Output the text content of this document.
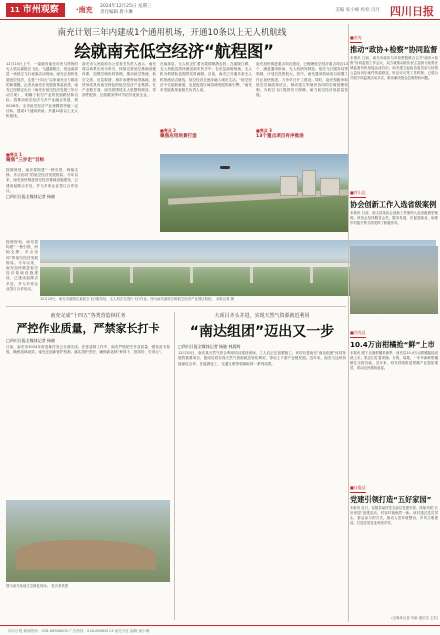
11 市州观察	·南充 2024年12月25日 星期三
责任编辑 唐小琳	美编 张小峰 校检 闫月 四川日报
南充计划三年内建成1个通用机场，开通10条以上无人机航线
绘就南充低空经济“航程图”
12月15日上午，一架载有南充市民与货物的无人机从嘉陵区飞出，飞越嘉陵江，抵达南部县一场低空飞行表演活动现场。南充正加快发展低空经济，这是“十四五”以来南充全力推动的新课题。记者从南充市发展改革委获悉，南充已经制定出台《南充市低空经济发展三年行动方案》，明确了低空产业的发展路径和目标，将推动低空经济与多产业融合发展，到2026年，全市低空经济产业规模将突破一定目标，建成1个通用机场，开通10条以上无人机航线。
■亮点 1
聚焦“三步走”目标
按照规划，南充将构建“一核引领、两轴支撑、多点协同”的低空经济发展格局。今年以来，南充加快推进低空经济基础设施建设，已建成起降点多处，并与多家企业签订合作协议。
□四川日报全媒体记者 杨晓
南充市人民政府办公室有关负责人表示，南充将以场景应用为牵引，持续完善低空基础设施体系，加强空域协同管理，推动低空物流、低空文旅、应急救援、城市治理等场景落地，加快形成具有南充特色的低空经济产业集群。在产业链方面，南充将围绕无人机整机制造、零部件配套、运营服务等环节招引优质企业。
在南部县，无人机正忙着为果园喷洒农药；在嘉陵江畔，无人机配送将快递送到市民手中；在应急演练现场，无人机为救援队伍提供实时画面。目前，南充已开通多条无人机物流试点航线，低空经济正逐步融入城市生活。“低空经济不仅是新赛道，也是促进区域协调发展的新引擎。”南充市发展改革委相关负责人说。
■亮点 2
聚焦应用场景打造
南充加快推进重点项目建设，已梳理低空经济重点项目13个，涵盖通用机场、无人机研发制造、低空飞行服务站等领域，计划总投资较大。其中，南充通用机场项目前期工作正加快推进，力争早日开工建设。同时，南充积极争取低空空域改革试点，推动建立军地民协同的空域管理机制，为低空飞行提供有力保障，助力低空经济高质量发展。
■亮点 3
13个重点项目有序推进
12月25日，南充市嘉陵区某低空飞行服务站，无人机正在进行飞行作业。图为南充嘉陵江畔低空经济产业园区航拍。 本报记者 摄
按照规划，南充将构建“一核引领、两轴支撑、多点协同”的低空经济发展格局。今年以来，南充加快推进低空经济基础设施建设，已建成起降点多处，并与多家企业签订合作协议。
南充完成“十四五”各类营造林任务
严控作业质量，严禁家长打卡
□四川日报全媒体记者 杨晓
日前，南充市2024年营造林任务已全面完成。在营造林工作中，南充严格把关作业质量，强化苗木检验，确保造林成效。南充还创新管护机制，落实管护责任，确保新造林“种得下、管得好、长得大”。
图为南充某地生态修复现场。 受访者供图
大项目齐头并进，实现天然气资源就近利用
“南达组团”迈出又一步
□四川日报全媒体记者 杨晓 林晨辉
12月20日，南充某天然气综合利用项目建设现场，工人们正在加紧施工。该项目是南充“南达组团”协同发展的重要项目，建成后将实现天然气资源就近转化利用，带动上下游产业链发展。近年来，南充与达州持续深化合作，在能源化工、交通互联等领域取得一系列成果。
■南充
推动“政协+检察”协同监督
本报讯 日前，南充市政协与市检察院联合召开“政协+检察”协同监督工作会议，双方就推动政协民主监督与检察法律监督有机衔接达成共识。南充建立起政协委员参与检察公益诉诉讼案件线索移送、听证评议等工作机制，已联合开展专项监督活动多次，推动解决群众急难愁盼问题。
■营山县
协会创新工作入选省级案例
本报讯 日前，营山县某协会创新工作案例入选省级典型案例。该协会坚持服务会员、服务发展，在促进就业、助推乡村振兴等方面发挥了积极作用。
■西充县
10.4万亩柑橘抢“鲜”上市
本报讯 眼下正值柑橘采摘季，西充县10.4万亩柑橘陆续成熟上市。果农们忙着采摘、分拣、装箱，一车车新鲜柑橘销往全国各地。近年来，西充持续推进柑橘产业提质增效，带动农民增收致富。
■仪陇县
党建引领打造“五好家园”
本报讯 近日，仪陇县某村党支部以党建引领，持续开展“五好家园”创建活动，村容村貌焕然一新。该村通过党员带头、群众参与的方式，推动人居环境整治、乡风文明建设，打造宜居宜业和美乡村。
(全媒体记者 肖新 通讯员 王浩)
四川日报 新闻热线：028-86968000 广告热线：028-86968113 南充分社 编辑 唐小琳
